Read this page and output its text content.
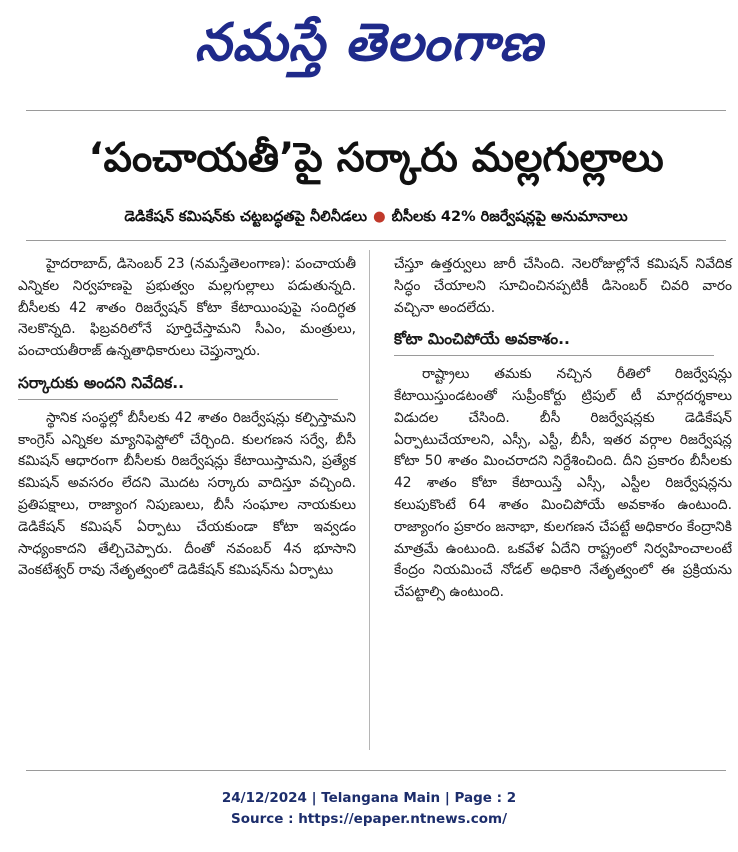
నమస్తే తెలంగాణ
‘పంచాయతీ’పై సర్కారు మల్లగుల్లాలు
డెడికేషన్ కమిషన్‌కు చట్టబద్ధతపై నీలినీడలు ● బీసీలకు 42% రిజర్వేషన్లపై అనుమానాలు

హైదరాబాద్, డిసెంబర్ 23 (నమస్తేతెలంగాణ): పంచాయతీ ఎన్నికల నిర్వహణపై ప్రభుత్వం మల్లగుల్లాలు పడుతున్నది. బీసీలకు 42 శాతం రిజర్వేషన్ కోటా కేటాయింపుపై సందిగ్ధత నెలకొన్నది. ఫిబ్రవరిలోనే పూర్తిచేస్తామని సీఎం, మంత్రులు, పంచాయతీరాజ్ ఉన్నతాధికారులు చెప్తున్నారు.

సర్కారుకు అందని నివేదిక..

స్థానిక సంస్థల్లో బీసీలకు 42 శాతం రిజర్వేషన్లు కల్పిస్తామని కాంగ్రెస్ ఎన్నికల మ్యానిఫెస్టోలో చేర్చింది. కులగణన సర్వే, బీసీ కమిషన్ ఆధారంగా బీసీలకు రిజర్వేషన్లు కేటాయిస్తామని, ప్రత్యేక కమిషన్ అవసరం లేదని మొదట సర్కారు వాదిస్తూ వచ్చింది. ప్రతిపక్షాలు, రాజ్యాంగ నిపుణులు, బీసీ సంఘాల నాయకులు డెడికేషన్ కమిషన్ ఏర్పాటు చేయకుండా కోటా ఇవ్వడం సాధ్యంకాదని తేల్చిచెప్పారు. దీంతో నవంబర్ 4న భూసాని వెంకటేశ్వర్ రావు నేతృత్వంలో డెడికేషన్ కమిషన్‌ను ఏర్పాటు

చేస్తూ ఉత్తర్వులు జారీ చేసింది. నెలరోజుల్లోనే కమిషన్ నివేదిక సిద్ధం చేయాలని సూచించినప్పటికీ డిసెంబర్ చివరి వారం వచ్చినా అందలేదు.

కోటా మించిపోయే అవకాశం..

రాష్ట్రాలు తమకు నచ్చిన రీతిలో రిజర్వేషన్లు కేటాయిస్తుండటంతో సుప్రీంకోర్టు ట్రిపుల్ టీ మార్గదర్శకాలు విడుదల చేసింది. బీసీ రిజర్వేషన్లకు డెడికేషన్ ఏర్పాటుచేయాలని, ఎస్సీ, ఎస్టీ, బీసీ, ఇతర వర్గాల రిజర్వేషన్ల కోటా 50 శాతం మించరాదని నిర్దేశించింది. దీని ప్రకారం బీసీలకు 42 శాతం కోటా కేటాయిస్తే ఎస్సీ, ఎస్టీల రిజర్వేషన్లను కలుపుకొంటే 64 శాతం మించిపోయే అవకాశం ఉంటుంది. రాజ్యాంగం ప్రకారం జనాభా, కులగణన చేపట్టే అధికారం కేంద్రానికి మాత్రమే ఉంటుంది. ఒకవేళ ఏదేని రాష్ట్రంలో నిర్వహించాలంటే కేంద్రం నియమించే నోడల్ అధికారి నేతృత్వంలో ఈ ప్రక్రియను చేపట్టాల్సి ఉంటుంది.

24/12/2024 | Telangana Main | Page : 2
Source : https://epaper.ntnews.com/
